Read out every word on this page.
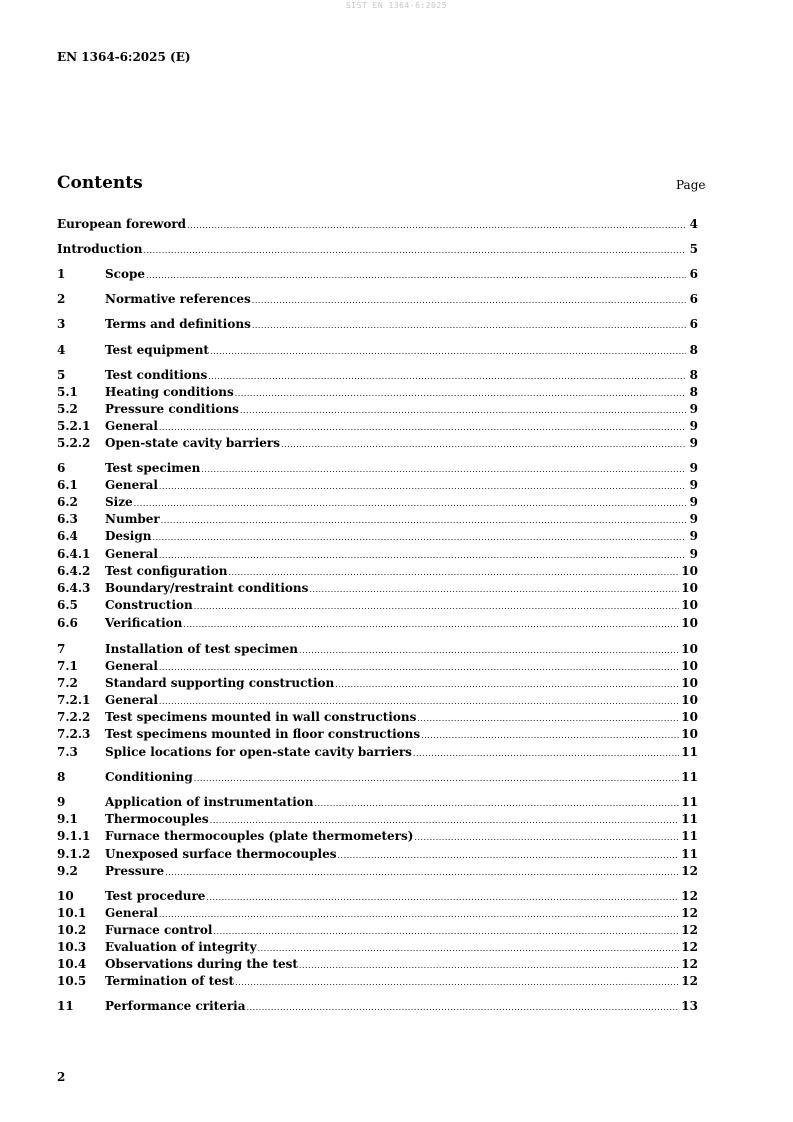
SIST EN 1364-6:2025
EN 1364-6:2025 (E)
Contents	Page
European foreword .....	4
Introduction .....	5
1	Scope .....	6
2	Normative references .....	6
3	Terms and definitions .....	6
4	Test equipment .....	8
5	Test conditions .....	8
5.1	Heating conditions .....	8
5.2	Pressure conditions .....	9
5.2.1	General .....	9
5.2.2	Open-state cavity barriers .....	9
6	Test specimen .....	9
6.1	General .....	9
6.2	Size .....	9
6.3	Number .....	9
6.4	Design .....	9
6.4.1	General .....	9
6.4.2	Test configuration .....	10
6.4.3	Boundary/restraint conditions .....	10
6.5	Construction .....	10
6.6	Verification .....	10
7	Installation of test specimen .....	10
7.1	General .....	10
7.2	Standard supporting construction .....	10
7.2.1	General .....	10
7.2.2	Test specimens mounted in wall constructions .....	10
7.2.3	Test specimens mounted in floor constructions .....	10
7.3	Splice locations for open-state cavity barriers .....	11
8	Conditioning .....	11
9	Application of instrumentation .....	11
9.1	Thermocouples .....	11
9.1.1	Furnace thermocouples (plate thermometers) .....	11
9.1.2	Unexposed surface thermocouples .....	11
9.2	Pressure .....	12
10	Test procedure .....	12
10.1	General .....	12
10.2	Furnace control .....	12
10.3	Evaluation of integrity .....	12
10.4	Observations during the test .....	12
10.5	Termination of test .....	12
11	Performance criteria .....	13
2
